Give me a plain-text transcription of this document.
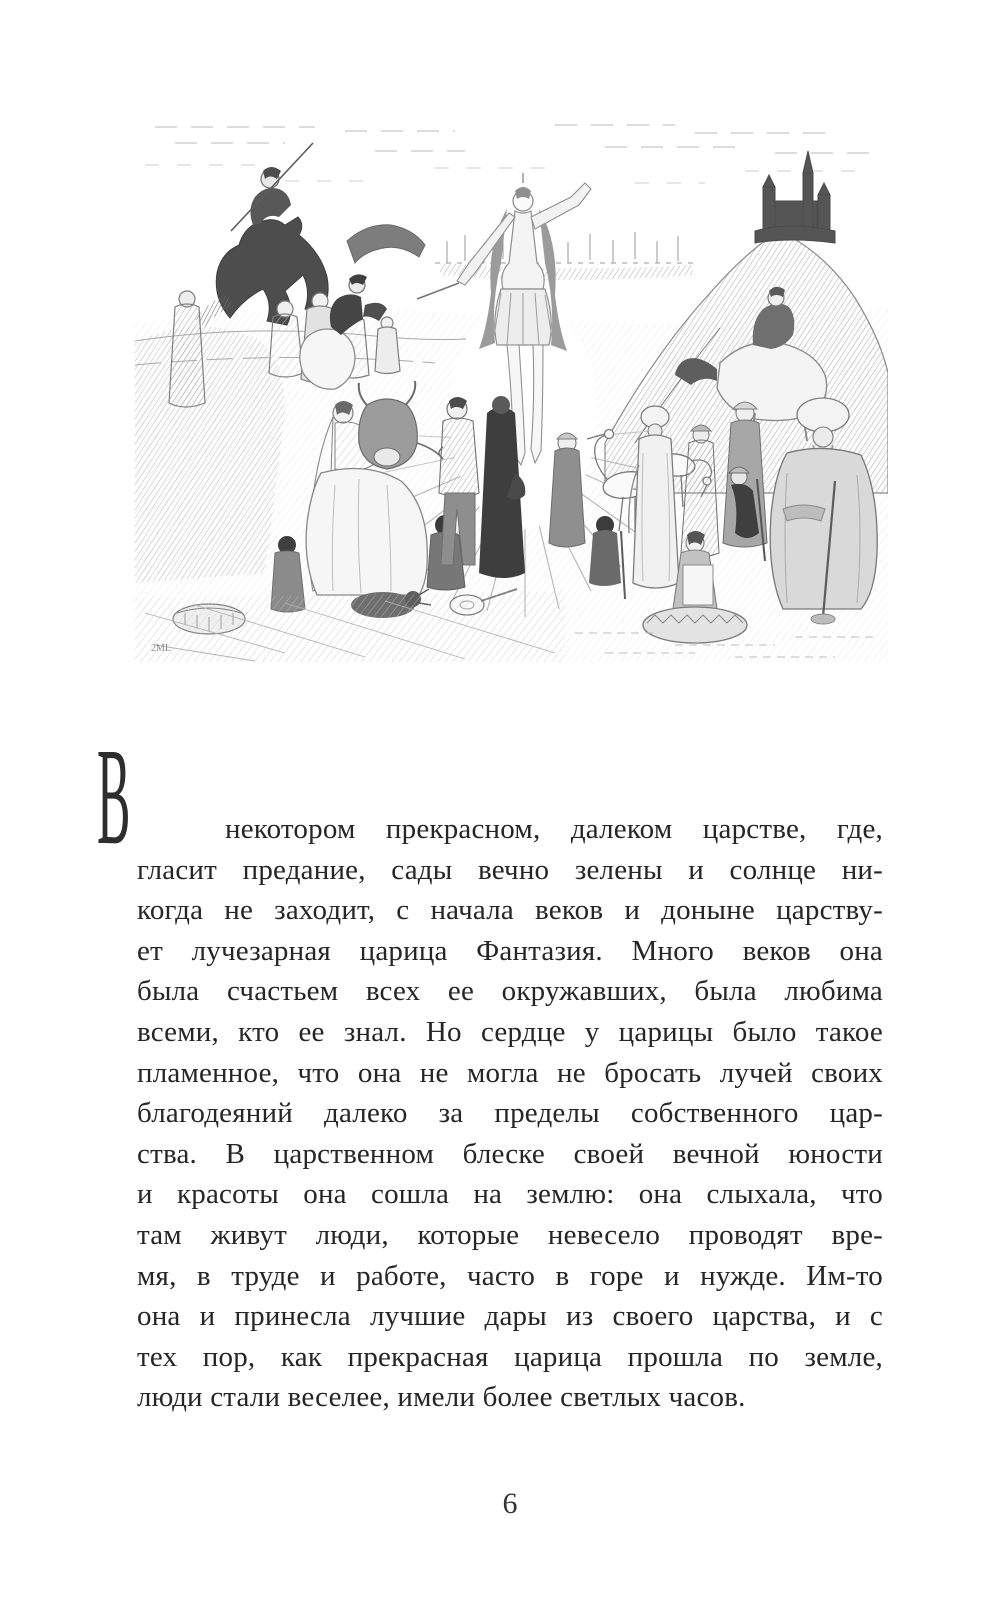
2ML
В	некотором прекрасном, далеком царстве, где,
гласит предание, сады вечно зелены и солнце ни-
когда не заходит, с начала веков и доныне царству-
ет лучезарная царица Фантазия. Много веков она
была счастьем всех ее окружавших, была любима
всеми, кто ее знал. Но сердце у царицы было такое
пламенное, что она не могла не бросать лучей своих
благодеяний далеко за пределы собственного цар-
ства. В царственном блеске своей вечной юности
и красоты она сошла на землю: она слыхала, что
там живут люди, которые невесело проводят вре-
мя, в труде и работе, часто в горе и нужде. Им-то
она и принесла лучшие дары из своего царства, и с
тех пор, как прекрасная царица прошла по земле,
люди стали веселее, имели более светлых часов.
6
